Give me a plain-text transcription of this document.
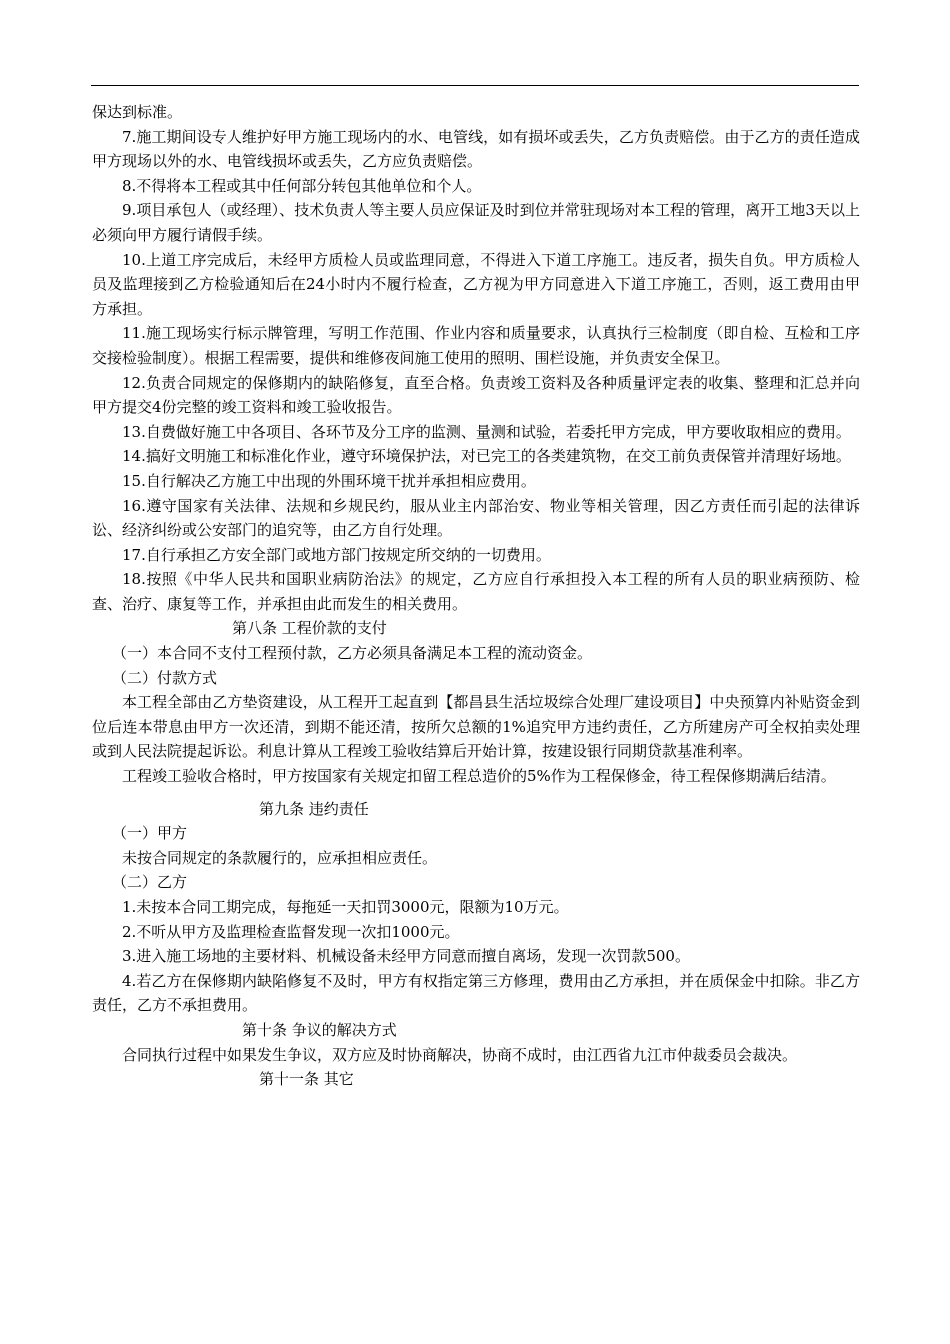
保达到标准。

7.施工期间设专人维护好甲方施工现场内的水、电管线，如有损坏或丢失，乙方负责赔偿。由于乙方的责任造成甲方现场以外的水、电管线损坏或丢失，乙方应负责赔偿。

8.不得将本工程或其中任何部分转包其他单位和个人。

9.项目承包人（或经理）、技术负责人等主要人员应保证及时到位并常驻现场对本工程的管理，离开工地3天以上必须向甲方履行请假手续。

10.上道工序完成后，未经甲方质检人员或监理同意，不得进入下道工序施工。违反者，损失自负。甲方质检人员及监理接到乙方检验通知后在24小时内不履行检查，乙方视为甲方同意进入下道工序施工，否则，返工费用由甲方承担。

11.施工现场实行标示牌管理，写明工作范围、作业内容和质量要求，认真执行三检制度（即自检、互检和工序交接检验制度）。根据工程需要，提供和维修夜间施工使用的照明、围栏设施，并负责安全保卫。

12.负责合同规定的保修期内的缺陷修复，直至合格。负责竣工资料及各种质量评定表的收集、整理和汇总并向甲方提交4份完整的竣工资料和竣工验收报告。

13.自费做好施工中各项目、各环节及分工序的监测、量测和试验，若委托甲方完成，甲方要收取相应的费用。

14.搞好文明施工和标准化作业，遵守环境保护法，对已完工的各类建筑物，在交工前负责保管并清理好场地。

15.自行解决乙方施工中出现的外围环境干扰并承担相应费用。

16.遵守国家有关法律、法规和乡规民约，服从业主内部治安、物业等相关管理，因乙方责任而引起的法律诉讼、经济纠纷或公安部门的追究等，由乙方自行处理。

17.自行承担乙方安全部门或地方部门按规定所交纳的一切费用。

18.按照《中华人民共和国职业病防治法》的规定，乙方应自行承担投入本工程的所有人员的职业病预防、检查、治疗、康复等工作，并承担由此而发生的相关费用。

第八条 工程价款的支付

（一）本合同不支付工程预付款，乙方必须具备满足本工程的流动资金。

（二）付款方式

本工程全部由乙方垫资建设，从工程开工起直到【都昌县生活垃圾综合处理厂建设项目】中央预算内补贴资金到位后连本带息由甲方一次还清，到期不能还清，按所欠总额的1%追究甲方违约责任，乙方所建房产可全权拍卖处理或到人民法院提起诉讼。利息计算从工程竣工验收结算后开始计算，按建设银行同期贷款基准利率。

工程竣工验收合格时，甲方按国家有关规定扣留工程总造价的5%作为工程保修金，待工程保修期满后结清。

第九条 违约责任

（一）甲方

未按合同规定的条款履行的，应承担相应责任。

（二）乙方

1.未按本合同工期完成，每拖延一天扣罚3000元，限额为10万元。

2.不听从甲方及监理检查监督发现一次扣1000元。

3.进入施工场地的主要材料、机械设备未经甲方同意而擅自离场，发现一次罚款500。

4.若乙方在保修期内缺陷修复不及时，甲方有权指定第三方修理，费用由乙方承担，并在质保金中扣除。非乙方责任，乙方不承担费用。

第十条 争议的解决方式

合同执行过程中如果发生争议，双方应及时协商解决，协商不成时，由江西省九江市仲裁委员会裁决。

第十一条 其它
